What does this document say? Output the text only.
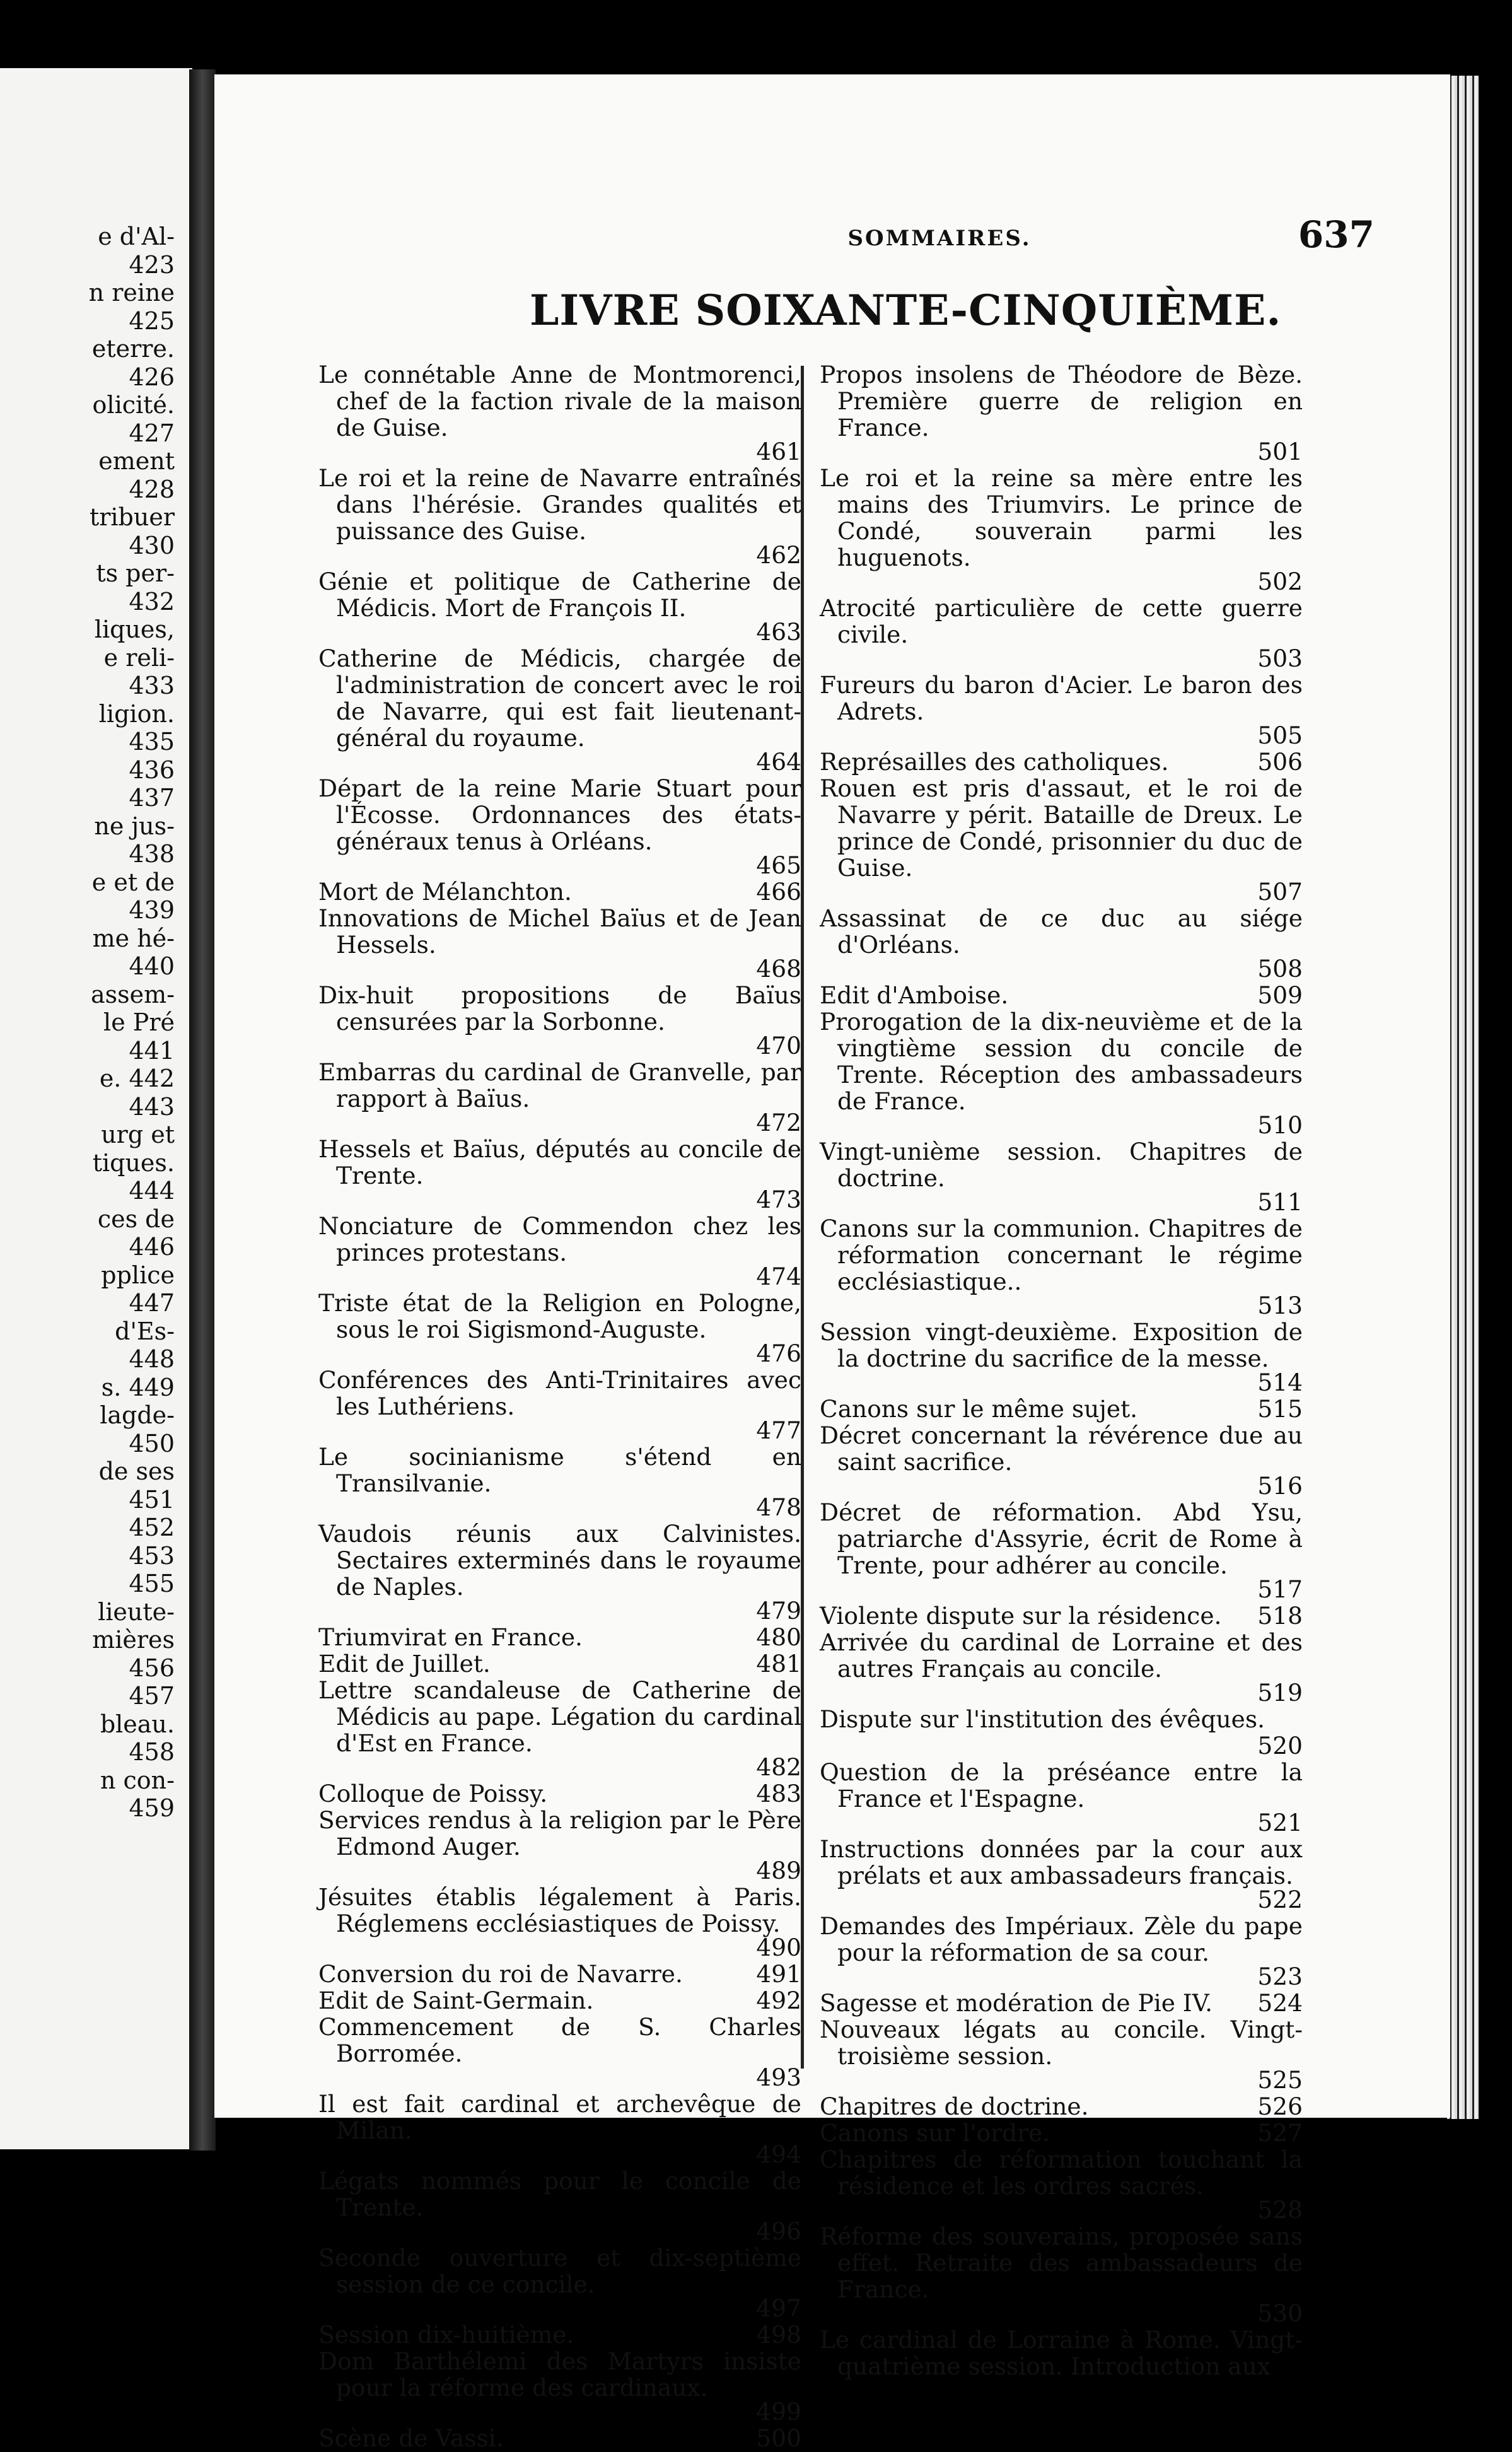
e d'Al-
423
n reine
425
eterre.
426
olicité.
427
ement
428
tribuer
430
ts per-
432
liques,
e reli-
433
ligion.
435
436
437
ne jus-
438
e et de
439
me hé-
440
assem-
le Pré
441
e. 442
443
urg et
tiques.
444
ces de
446
pplice
447
d'Es-
448
s. 449
lagde-
450
de ses
451
452
453
455
lieute-
mières
456
457
bleau.
458
n con-
459
SOMMAIRES.	637
LIVRE SOIXANTE-CINQUIÈME.

Le connétable Anne de Montmorenci, chef de la faction rivale de la maison de Guise.
461

Le roi et la reine de Navarre entraînés dans l'hérésie. Grandes qualités et puissance des Guise.
462

Génie et politique de Catherine de Médicis. Mort de François II.
463

Catherine de Médicis, chargée de l'administration de concert avec le roi de Navarre, qui est fait lieutenant-général du royaume.
464

Départ de la reine Marie Stuart pour l'Écosse. Ordonnances des états-généraux tenus à Orléans.
465

Mort de Mélanchton.	466

Innovations de Michel Baïus et de Jean Hessels.
468

Dix-huit propositions de Baïus censurées par la Sorbonne.
470

Embarras du cardinal de Granvelle, par rapport à Baïus.
472

Hessels et Baïus, députés au concile de Trente.
473

Nonciature de Commendon chez les princes protestans.
474

Triste état de la Religion en Pologne, sous le roi Sigismond-Auguste.
476

Conférences des Anti-Trinitaires avec les Luthériens.
477

Le socinianisme s'étend en Transilvanie.
478

Vaudois réunis aux Calvinistes. Sectaires exterminés dans le royaume de Naples.
479

Triumvirat en France.	480

Edit de Juillet.	481

Lettre scandaleuse de Catherine de Médicis au pape. Légation du cardinal d'Est en France.
482

Colloque de Poissy.	483

Services rendus à la religion par le Père Edmond Auger.
489

Jésuites établis légalement à Paris. Réglemens ecclésiastiques de Poissy.
490

Conversion du roi de Navarre.	491

Edit de Saint-Germain.	492

Commencement de S. Charles Borromée.
493

Il est fait cardinal et archevêque de Milan.
494

Légats nommés pour le concile de Trente.
496

Seconde ouverture et dix-septième session de ce concile.
497

Session dix-huitième.	498

Dom Barthélemi des Martyrs insiste pour la réforme des cardinaux.
499

Scène de Vassi.	500

Propos insolens de Théodore de Bèze. Première guerre de religion en France.
501

Le roi et la reine sa mère entre les mains des Triumvirs. Le prince de Condé, souverain parmi les huguenots.
502

Atrocité particulière de cette guerre civile.
503

Fureurs du baron d'Acier. Le baron des Adrets.
505

Représailles des catholiques.	506

Rouen est pris d'assaut, et le roi de Navarre y périt. Bataille de Dreux. Le prince de Condé, prisonnier du duc de Guise.
507

Assassinat de ce duc au siége d'Orléans.
508

Edit d'Amboise.	509

Prorogation de la dix-neuvième et de la vingtième session du concile de Trente. Réception des ambassadeurs de France.
510

Vingt-unième session. Chapitres de doctrine.
511

Canons sur la communion. Chapitres de réformation concernant le régime ecclésiastique..
513

Session vingt-deuxième. Exposition de la doctrine du sacrifice de la messe.
514

Canons sur le même sujet.	515

Décret concernant la révérence due au saint sacrifice.
516

Décret de réformation. Abd Ysu, patriarche d'Assyrie, écrit de Rome à Trente, pour adhérer au concile.
517

Violente dispute sur la résidence. 518

Arrivée du cardinal de Lorraine et des autres Français au concile.
519

Dispute sur l'institution des évêques.
520

Question de la préséance entre la France et l'Espagne.
521

Instructions données par la cour aux prélats et aux ambassadeurs français.
522

Demandes des Impériaux. Zèle du pape pour la réformation de sa cour.
523

Sagesse et modération de Pie IV. 524

Nouveaux légats au concile. Vingt-troisième session.
525

Chapitres de doctrine.	526

Canons sur l'ordre.	527

Chapitres de réformation touchant la résidence et les ordres sacrés.
528

Réforme des souverains, proposée sans effet. Retraite des ambassadeurs de France.
530

Le cardinal de Lorraine à Rome. Vingt-quatrième session. Introduction aux
